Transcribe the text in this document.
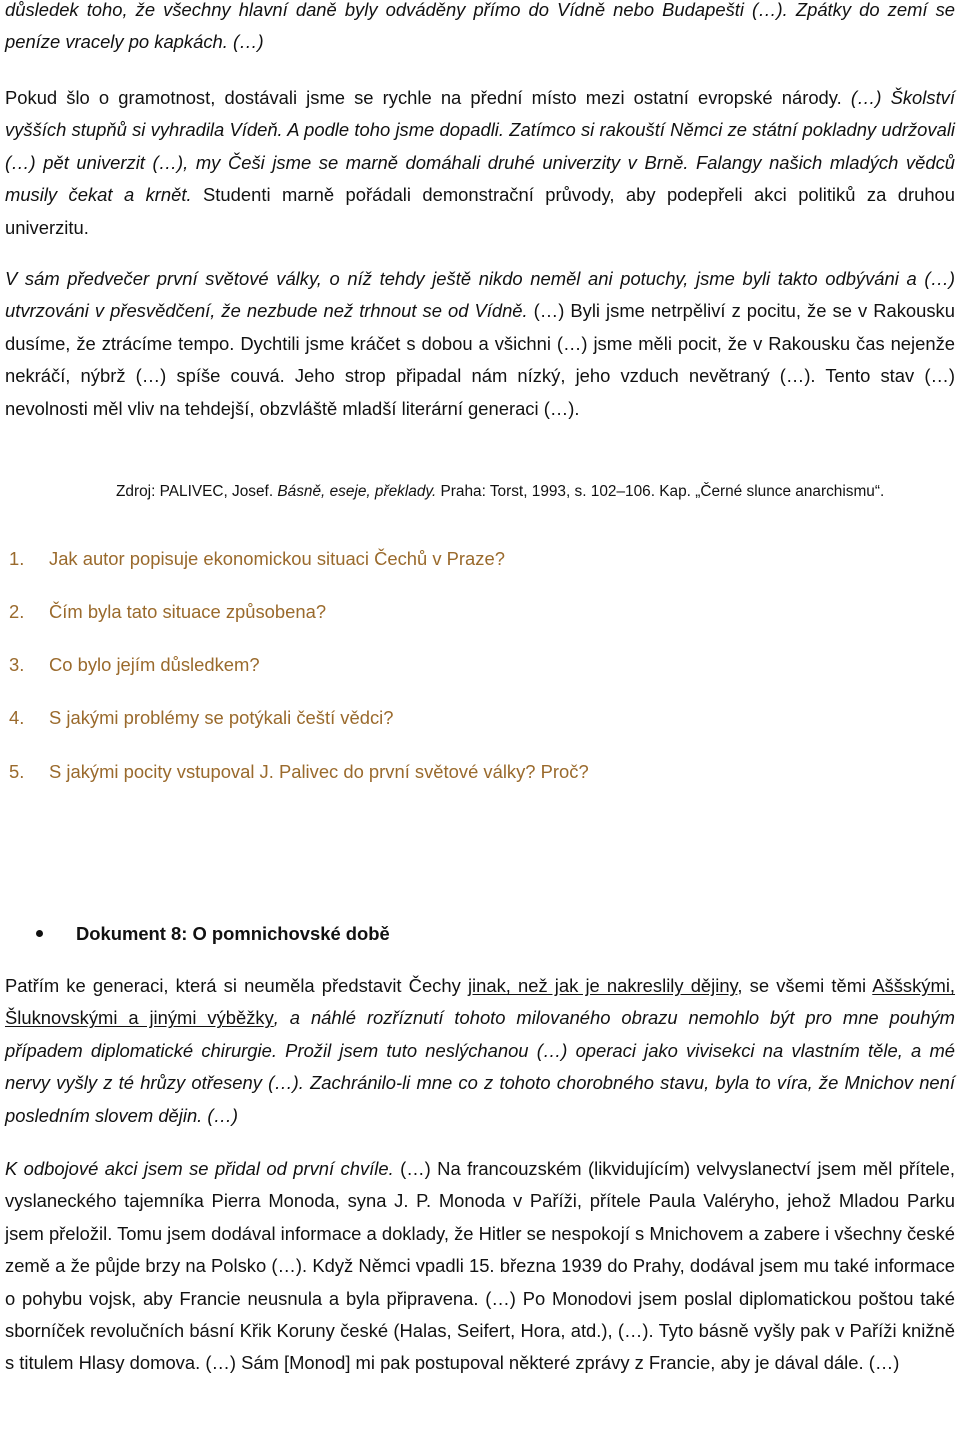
důsledek toho, že všechny hlavní daně byly odváděny přímo do Vídně nebo Budapešti (…). Zpátky do zemí se peníze vracely po kapkách. (…)

Pokud šlo o gramotnost, dostávali jsme se rychle na přední místo mezi ostatní evropské národy. (…) Školství vyšších stupňů si vyhradila Vídeň. A podle toho jsme dopadli. Zatímco si rakouští Němci ze státní pokladny udržovali (…) pět univerzit (…), my Češi jsme se marně domáhali druhé univerzity v Brně. Falangy našich mladých vědců musily čekat a krnět. Studenti marně pořádali demonstrační průvody, aby podepřeli akci politiků za druhou univerzitu.

V sám předvečer první světové války, o níž tehdy ještě nikdo neměl ani potuchy, jsme byli takto odbýváni a (…) utvrzováni v přesvědčení, že nezbude než trhnout se od Vídně. (…) Byli jsme netrpěliví z pocitu, že se v Rakousku dusíme, že ztrácíme tempo. Dychtili jsme kráčet s dobou a všichni (…) jsme měli pocit, že v Rakousku čas nejenže nekráčí, nýbrž (…) spíše couvá. Jeho strop připadal nám nízký, jeho vzduch nevětraný (…). Tento stav (…) nevolnosti měl vliv na tehdejší, obzvláště mladší literární generaci (…).

Zdroj: PALIVEC, Josef. Básně, eseje, překlady. Praha: Torst, 1993, s. 102–106. Kap. „Černé slunce anarchismu“.

1. Jak autor popisuje ekonomickou situaci Čechů v Praze?

2. Čím byla tato situace způsobena?

3. Co bylo jejím důsledkem?

4. S jakými problémy se potýkali čeští vědci?

5. S jakými pocity vstupoval J. Palivec do první světové války? Proč?

Dokument 8: O pomnichovské době

Patřím ke generaci, která si neuměla představit Čechy jinak, než jak je nakreslily dějiny, se všemi těmi Aššskými, Šluknovskými a jinými výběžky, a náhlé rozříznutí tohoto milovaného obrazu nemohlo být pro mne pouhým případem diplomatické chirurgie. Prožil jsem tuto neslýchanou (…) operaci jako vivisekci na vlastním těle, a mé nervy vyšly z té hrůzy otřeseny (…). Zachránilo-li mne co z tohoto chorobného stavu, byla to víra, že Mnichov není posledním slovem dějin. (…)

K odbojové akci jsem se přidal od první chvíle. (…) Na francouzském (likvidujícím) velvyslanectví jsem měl přítele, vyslaneckého tajemníka Pierra Monoda, syna J. P. Monoda v Paříži, přítele Paula Valéryho, jehož Mladou Parku jsem přeložil. Tomu jsem dodával informace a doklady, že Hitler se nespokojí s Mnichovem a zabere i všechny české země a že půjde brzy na Polsko (…). Když Němci vpadli 15. března 1939 do Prahy, dodával jsem mu také informace o pohybu vojsk, aby Francie neusnula a byla připravena. (…) Po Monodovi jsem poslal diplomatickou poštou také sborníček revolučních básní Křik Koruny české (Halas, Seifert, Hora, atd.), (…). Tyto básně vyšly pak v Paříži knižně s titulem Hlasy domova. (…) Sám [Monod] mi pak postupoval některé zprávy z Francie, aby je dával dále. (…)
